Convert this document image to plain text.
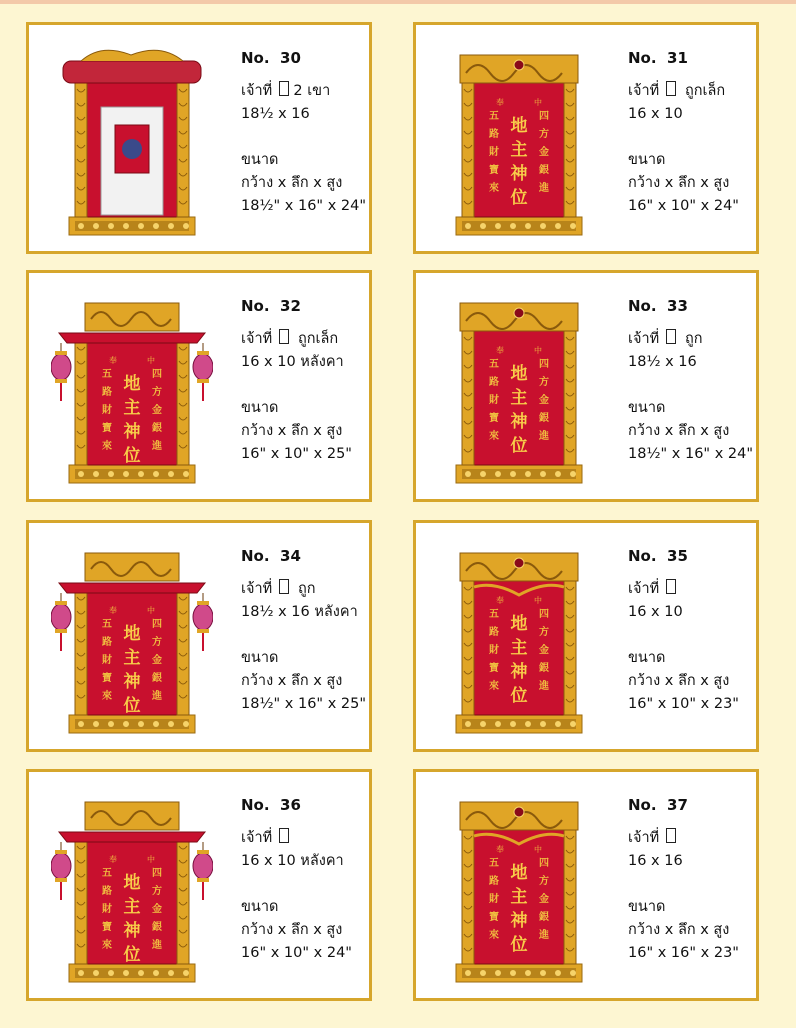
No.  30
เจ้าที่  2 เขา
18½ x 16
ขนาด
กว้าง x ลึก x สูง
18½" x 16" x 24"
地
主
神
位
四
方
金
銀
進
五
路
財
寶
來
奉	中
No.  31
เจ้าที่   ถูกเล็ก
16 x 10
ขนาด
กว้าง x ลึก x สูง
16" x 10" x 24"
地
主
神
位
四
方
金
銀
進
五
路
財
寶
來
奉	中
No.  32
เจ้าที่   ถูกเล็ก
16 x 10 หลังคา
ขนาด
กว้าง x ลึก x สูง
16" x 10" x 25"
地
主
神
位
四
方
金
銀
進
五
路
財
寶
來
奉	中
No.  33
เจ้าที่   ถูก
18½ x 16
ขนาด
กว้าง x ลึก x สูง
18½" x 16" x 24"
地
主
神
位
四
方
金
銀
進
五
路
財
寶
來
奉	中
No.  34
เจ้าที่   ถูก
18½ x 16 หลังคา
ขนาด
กว้าง x ลึก x สูง
18½" x 16" x 25"
地
主
神
位
四
方
金
銀
進
五
路
財
寶
來
奉	中
No.  35
เจ้าที่
16 x 10
ขนาด
กว้าง x ลึก x สูง
16" x 10" x 23"
地
主
神
位
四
方
金
銀
進
五
路
財
寶
來
奉	中
No.  36
เจ้าที่
16 x 10 หลังคา
ขนาด
กว้าง x ลึก x สูง
16" x 10" x 24"
地
主
神
位
四
方
金
銀
進
五
路
財
寶
來
奉	中
No.  37
เจ้าที่
16 x 16
ขนาด
กว้าง x ลึก x สูง
16" x 16" x 23"
